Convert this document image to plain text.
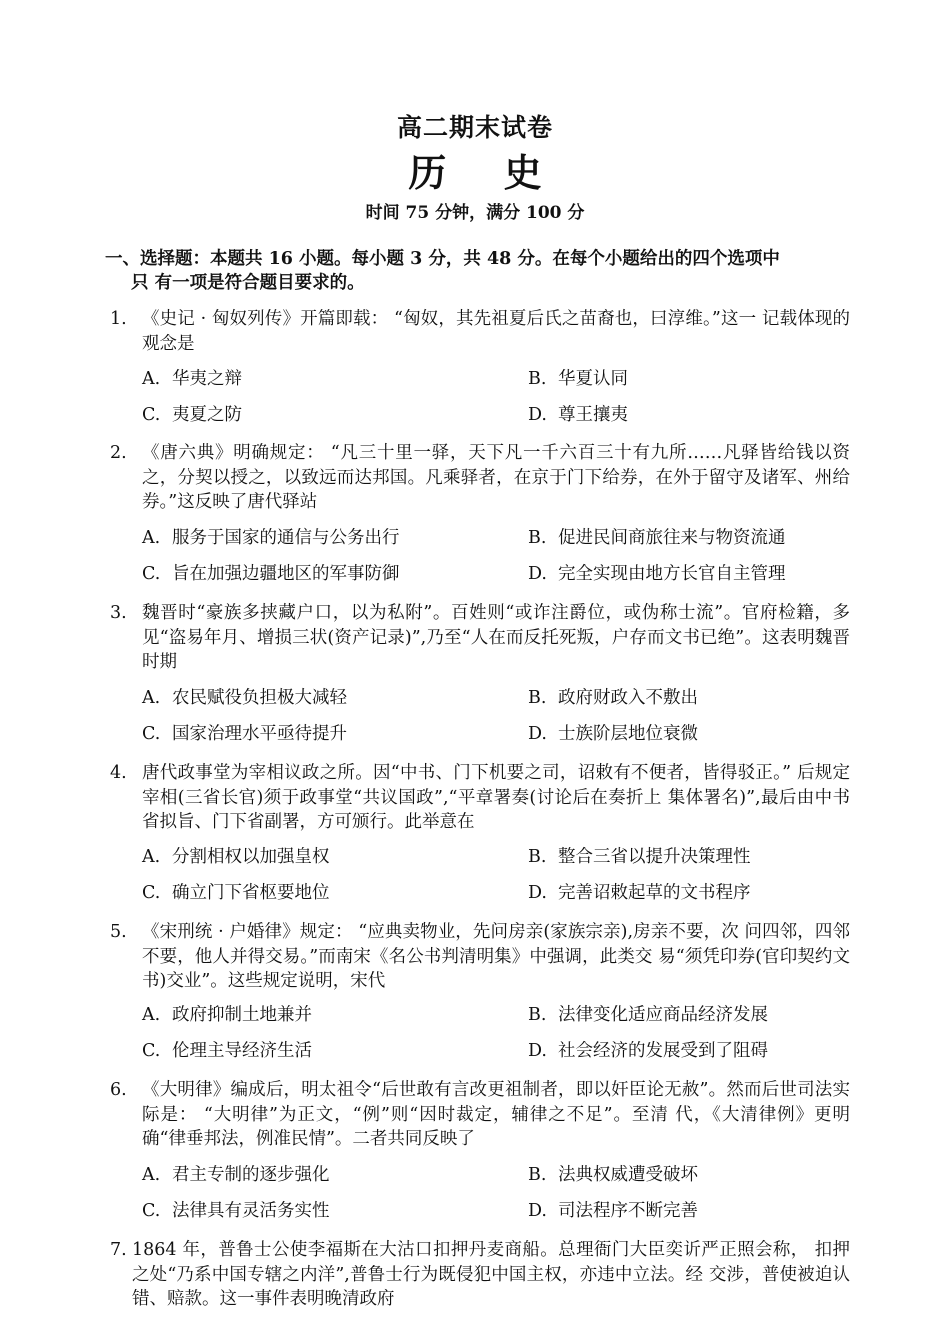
高二期末试卷
历 史
时间 75 分钟，满分 100 分
一、选择题：本题共 16 小题。每小题 3 分，共 48 分。在每个小题给出的四个选项中
只 有一项是符合题目要求的。
1. 《史记 · 匈奴列传》开篇即载： “匈奴，其先祖夏后氏之苗裔也，曰淳维。”这一 记载体现的观念是
A. 华夷之辩	B. 华夏认同
C. 夷夏之防	D. 尊王攘夷
2. 《唐六典》明确规定： “凡三十里一驿，天下凡一千六百三十有九所……凡驿皆给钱以资之，分契以授之，以致远而达邦国。凡乘驿者，在京于门下给券，在外于留守及诸军、州给券。”这反映了唐代驿站
A. 服务于国家的通信与公务出行	B. 促进民间商旅往来与物资流通
C. 旨在加强边疆地区的军事防御	D. 完全实现由地方长官自主管理
3. 魏晋时“豪族多挟藏户口，以为私附”。百姓则“或诈注爵位，或伪称士流”。官府检籍，多见“盗易年月、增损三状(资产记录)”,乃至“人在而反托死叛，户存而文书已绝”。这表明魏晋时期
A. 农民赋役负担极大减轻	B. 政府财政入不敷出
C. 国家治理水平亟待提升	D. 士族阶层地位衰微
4. 唐代政事堂为宰相议政之所。因“中书、门下机要之司，诏敕有不便者，皆得驳正。” 后规定宰相(三省长官)须于政事堂“共议国政”,“平章署奏(讨论后在奏折上 集体署名)”,最后由中书省拟旨、门下省副署，方可颁行。此举意在
A. 分割相权以加强皇权	B. 整合三省以提升决策理性
C. 确立门下省枢要地位	D. 完善诏敕起草的文书程序
5. 《宋刑统 · 户婚律》规定： “应典卖物业，先问房亲(家族宗亲),房亲不要，次 问四邻，四邻不要，他人并得交易。”而南宋《名公书判清明集》中强调，此类交 易“须凭印券(官印契约文书)交业”。这些规定说明，宋代
A. 政府抑制土地兼并	B. 法律变化适应商品经济发展
C. 伦理主导经济生活	D. 社会经济的发展受到了阻碍
6. 《大明律》编成后，明太祖令“后世敢有言改更祖制者，即以奸臣论无赦”。然而后世司法实际是： “大明律”为正文，“例”则“因时裁定，辅律之不足”。至清 代，《大清律例》更明确“律垂邦法，例准民情”。二者共同反映了
A. 君主专制的逐步强化	B. 法典权威遭受破坏
C. 法律具有灵活务实性	D. 司法程序不断完善
7. 1864 年，普鲁士公使李福斯在大沽口扣押丹麦商船。总理衙门大臣奕䜣严正照会称， 扣押之处“乃系中国专辖之内洋”,普鲁士行为既侵犯中国主权，亦违中立法。经 交涉，普使被迫认错、赔款。这一事件表明晚清政府
